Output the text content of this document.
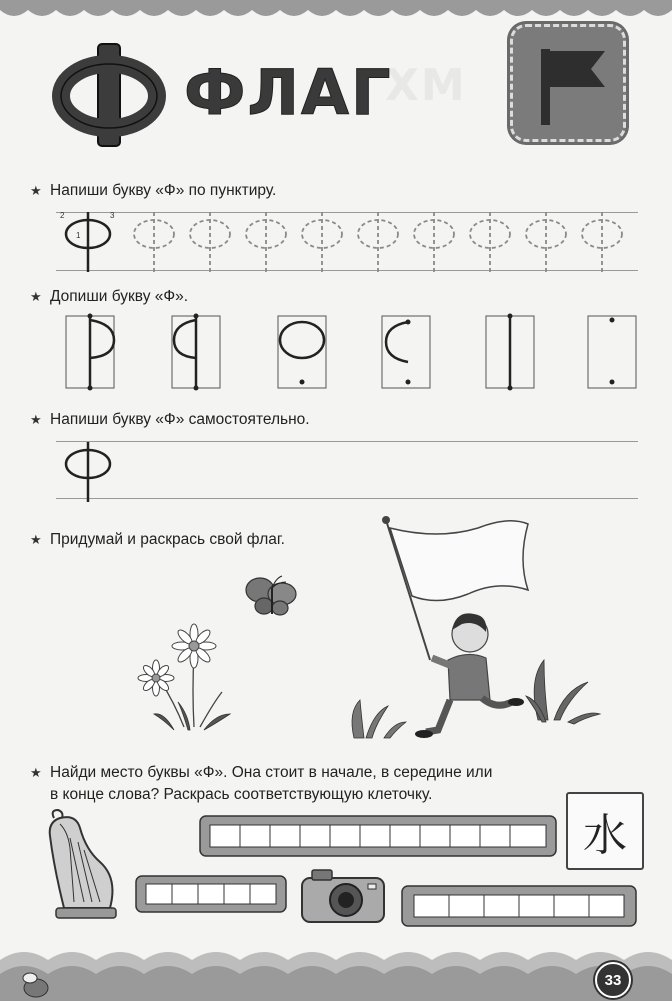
ХМ
ФЛАГ
★ Напиши букву «Ф» по пунктиру.
2	3
1
★ Допиши букву «Ф».
★ Напиши букву «Ф» самостоятельно.
★ Придумай и раскрась свой флаг.
★ Найди место буквы «Ф». Она стоит в начале, в середине или
в конце слова? Раскрась соответствующую клеточку.
水
33
